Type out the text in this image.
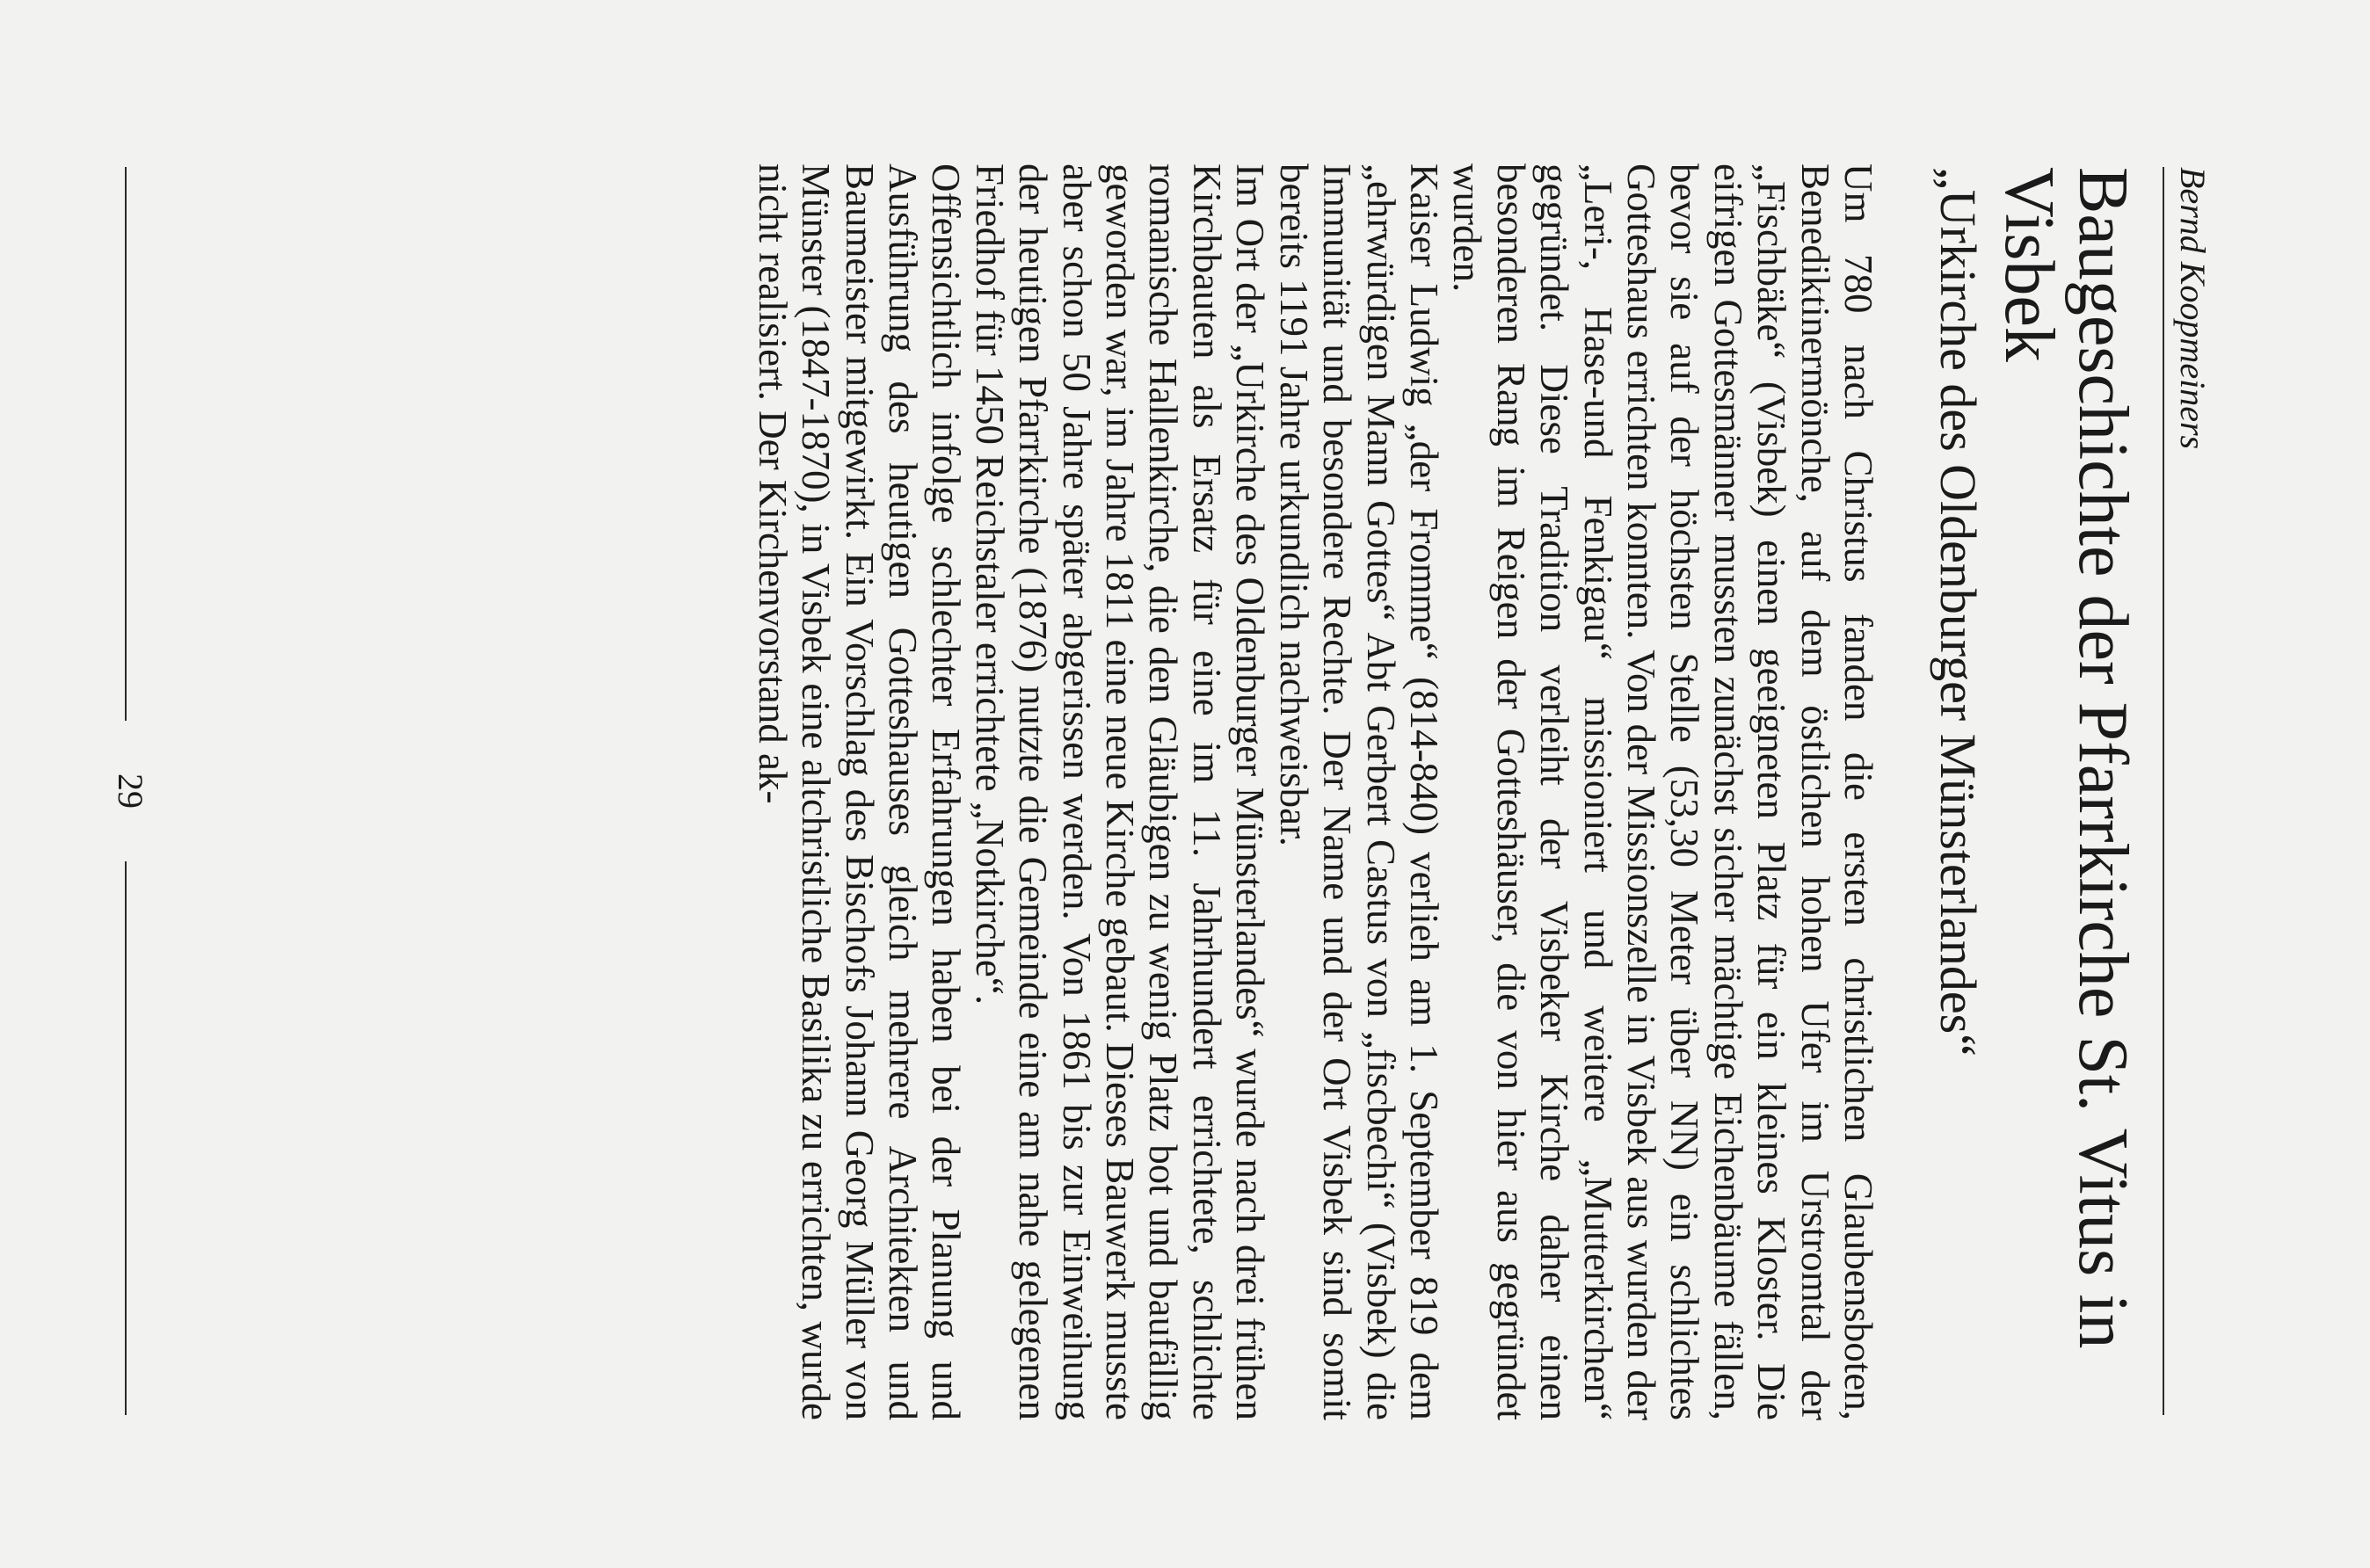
Bernd Koopmeiners
Baugeschichte der Pfarrkirche St. Vitus in Visbek
„Urkirche des Oldenburger Münsterlandes“

Um 780 nach Christus fanden die ersten christlichen Glaubensboten, Benediktinermönche, auf dem östlichen hohen Ufer im Urstromtal der „Fischbäke“ (Visbek) einen geeigneten Platz für ein kleines Kloster. Die eifrigen Gottesmänner mussten zunächst sicher mächtige Eichenbäume fällen, bevor sie auf der höchsten Stelle (53,30 Meter über NN) ein schlichtes Gotteshaus errichten konnten. Von der Missionszelle in Visbek aus wurden der „Leri-, Hase-und Fenkigau“ missioniert und weitere „Mutterkirchen“ gegründet. Diese Tradition verleiht der Visbeker Kirche daher einen besonderen Rang im Reigen der Gotteshäuser, die von hier aus gegründet wurden.

Kaiser Ludwig „der Fromme“ (814-840) verlieh am 1. September 819 dem „ehrwürdigen Mann Gottes“ Abt Gerbert Castus von „fiscbechi“ (Visbek) die Immunität und besondere Rechte. Der Name und der Ort Visbek sind somit bereits 1191 Jahre urkundlich nachweisbar.

Im Ort der „Urkirche des Oldenburger Münsterlandes“ wurde nach drei frühen Kirchbauten als Ersatz für eine im 11. Jahrhundert errichtete, schlichte romanische Hallenkirche, die den Gläubigen zu wenig Platz bot und baufällig geworden war, im Jahre 1811 eine neue Kirche gebaut. Dieses Bauwerk musste aber schon 50 Jahre später abgerissen werden. Von 1861 bis zur Einweihung der heutigen Pfarrkirche (1876) nutzte die Gemeinde eine am nahe gelegenen Friedhof für 1450 Reichstaler errichtete „Notkirche“.

Offensichtlich infolge schlechter Erfahrungen haben bei der Planung und Ausführung des heutigen Gotteshauses gleich mehrere Architekten und Baumeister mitgewirkt. Ein Vorschlag des Bischofs Johann Georg Müller von Münster (1847-1870), in Visbek eine altchristliche Basilika zu errichten, wurde nicht realisiert. Der Kirchenvorstand ak-

29
